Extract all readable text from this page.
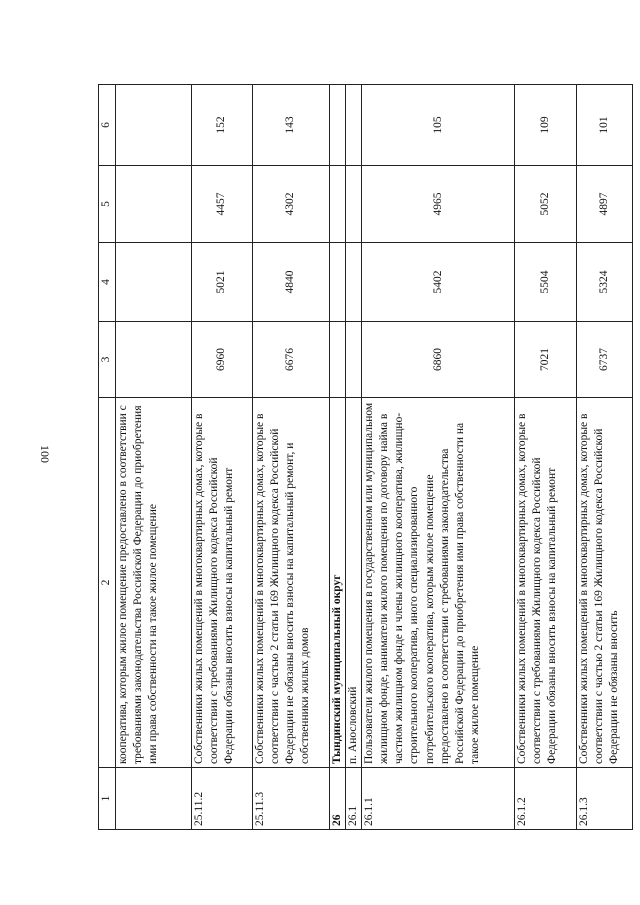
100
1	2	3	4	5	6
	кооператива, которым жилое помещение предоставлено в соответствии с требованиями законодательства Российской Федерации до приобретения ими права собственности на такое жилое помещение				
25.11.2	Собственники жилых помещений в многоквартирных домах, которые в соответствии с требованиями Жилищного кодекса Российской Федерации обязаны вносить взносы на капитальный ремонт	6960	5021	4457	152
25.11.3	Собственники жилых помещений в многоквартирных домах, которые в соответствии с частью 2 статьи 169 Жилищного кодекса Российской Федерации не обязаны вносить взносы на капитальный ремонт, и собственники жилых домов	6676	4840	4302	143
26	Тындинский муниципальный округ				
26.1	п. Анословский				
26.1.1	Пользователи жилого помещения в государственном или муниципальном жилищном фонде, наниматели жилого помещения по договору найма в частном жилищном фонде и члены жилищного кооператива, жилищно-строительного кооператива, иного специализированного потребительского кооператива, которым жилое помещение предоставлено в соответствии с требованиями законодательства Российской Федерации до приобретения ими права собственности на такое жилое помещение	6860	5402	4965	105
26.1.2	Собственники жилых помещений в многоквартирных домах, которые в соответствии с требованиями Жилищного кодекса Российской Федерации обязаны вносить взносы на капитальный ремонт	7021	5504	5052	109
26.1.3	Собственники жилых помещений в многоквартирных домах, которые в соответствии с частью 2 статьи 169 Жилищного кодекса Российской Федерации не обязаны вносить	6737	5324	4897	101
